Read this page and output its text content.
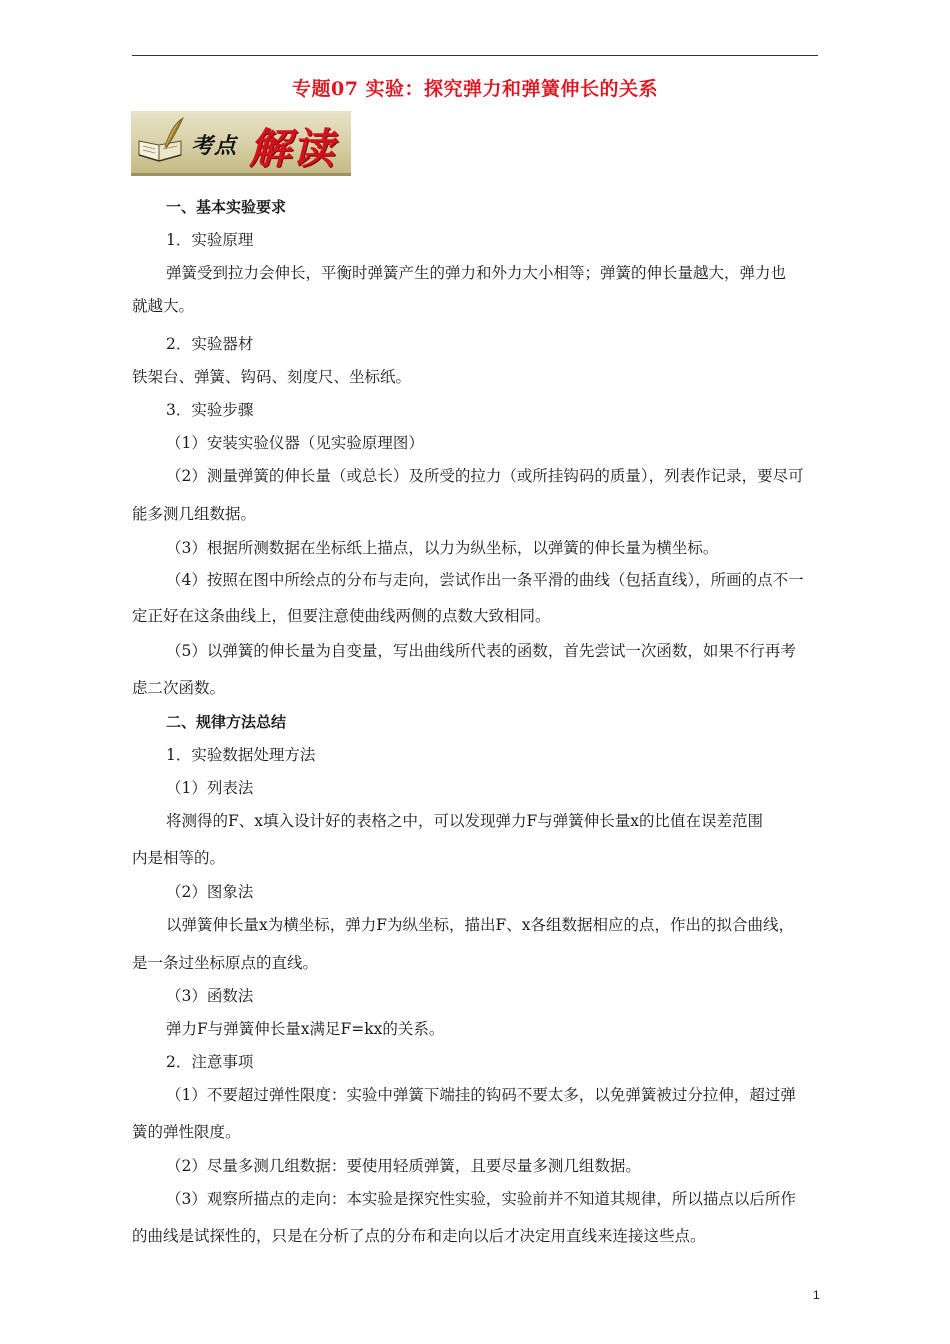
专题07 实验：探究弹力和弹簧伸长的关系
考点 解读
一、基本实验要求
1．实验原理
弹簧受到拉力会伸长，平衡时弹簧产生的弹力和外力大小相等；弹簧的伸长量越大，弹力也
就越大。
2．实验器材
铁架台、弹簧、钩码、刻度尺、坐标纸。
3．实验步骤
（1）安装实验仪器（见实验原理图）
（2）测量弹簧的伸长量（或总长）及所受的拉力（或所挂钩码的质量），列表作记录，要尽可
能多测几组数据。
（3）根据所测数据在坐标纸上描点，以力为纵坐标，以弹簧的伸长量为横坐标。
（4）按照在图中所绘点的分布与走向，尝试作出一条平滑的曲线（包括直线），所画的点不一
定正好在这条曲线上，但要注意使曲线两侧的点数大致相同。
（5）以弹簧的伸长量为自变量，写出曲线所代表的函数，首先尝试一次函数，如果不行再考
虑二次函数。
二、规律方法总结
1．实验数据处理方法
（1）列表法
将测得的F、x填入设计好的表格之中，可以发现弹力F与弹簧伸长量x的比值在误差范围
内是相等的。
（2）图象法
以弹簧伸长量x为横坐标，弹力F为纵坐标，描出F、x各组数据相应的点，作出的拟合曲线，
是一条过坐标原点的直线。
（3）函数法
弹力F与弹簧伸长量x满足F=kx的关系。
2．注意事项
（1）不要超过弹性限度：实验中弹簧下端挂的钩码不要太多，以免弹簧被过分拉伸，超过弹
簧的弹性限度。
（2）尽量多测几组数据：要使用轻质弹簧，且要尽量多测几组数据。
（3）观察所描点的走向：本实验是探究性实验，实验前并不知道其规律，所以描点以后所作
的曲线是试探性的，只是在分析了点的分布和走向以后才决定用直线来连接这些点。
1
